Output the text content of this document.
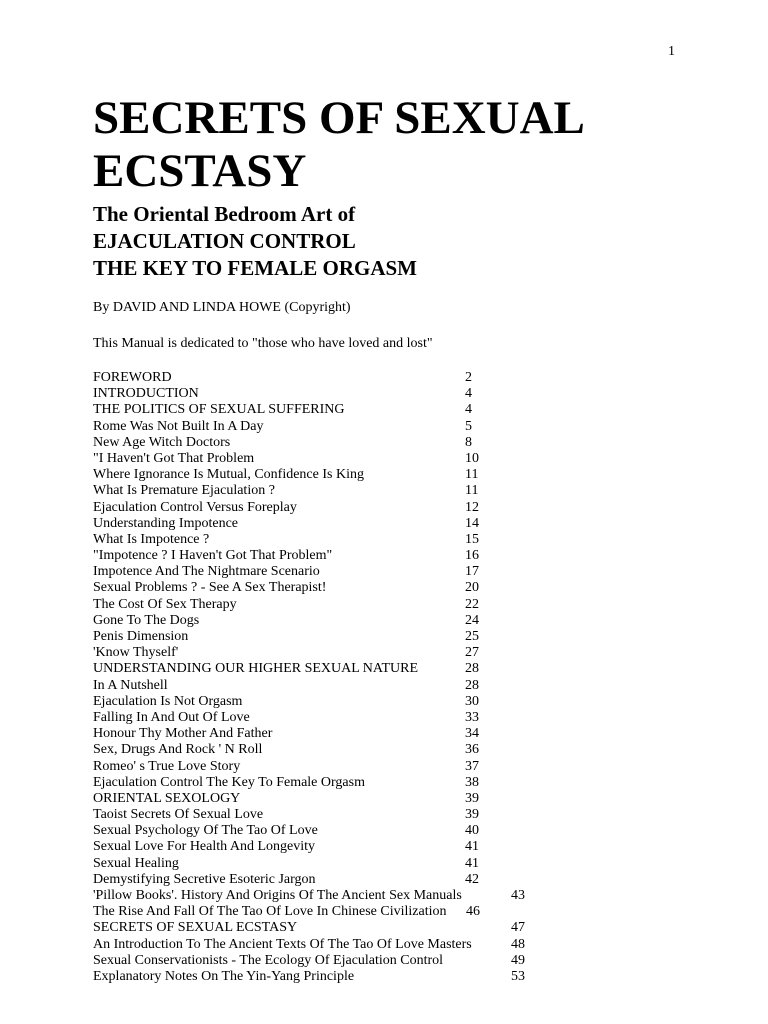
1
SECRETS OF SEXUAL
ECSTASY
The Oriental Bedroom Art of
EJACULATION CONTROL
THE KEY TO FEMALE ORGASM
By DAVID AND LINDA HOWE (Copyright)
This Manual is dedicated to "those who have loved and lost"
FOREWORD	2
INTRODUCTION	4
THE POLITICS OF SEXUAL SUFFERING	4
Rome Was Not Built In A Day	5
New Age Witch Doctors	8
"I Haven't Got That Problem	10
Where Ignorance Is Mutual, Confidence Is King	11
What Is Premature Ejaculation ?	11
Ejaculation Control Versus Foreplay	12
Understanding Impotence	14
What Is Impotence ?	15
"Impotence ? I Haven't Got That Problem"	16
Impotence And The Nightmare Scenario	17
Sexual Problems ? - See A Sex Therapist!	20
The Cost Of Sex Therapy	22
Gone To The Dogs	24
Penis Dimension	25
'Know Thyself'	27
UNDERSTANDING OUR HIGHER SEXUAL NATURE	28
In A Nutshell	28
Ejaculation Is Not Orgasm	30
Falling In And Out Of Love	33
Honour Thy Mother And Father	34
Sex, Drugs And Rock ' N Roll	36
Romeo' s True Love Story	37
Ejaculation Control The Key To Female Orgasm	38
ORIENTAL SEXOLOGY	39
Taoist Secrets Of Sexual Love	39
Sexual Psychology Of The Tao Of Love	40
Sexual Love For Health And Longevity	41
Sexual Healing	41
Demystifying Secretive Esoteric Jargon	42
'Pillow Books'. History And Origins Of The Ancient Sex Manuals	43
The Rise And Fall Of The Tao Of Love In Chinese Civilization 46
SECRETS OF SEXUAL ECSTASY	47
An Introduction To The Ancient Texts Of The Tao Of Love Masters	48
Sexual Conservationists - The Ecology Of Ejaculation Control	49
Explanatory Notes On The Yin-Yang Principle	53
